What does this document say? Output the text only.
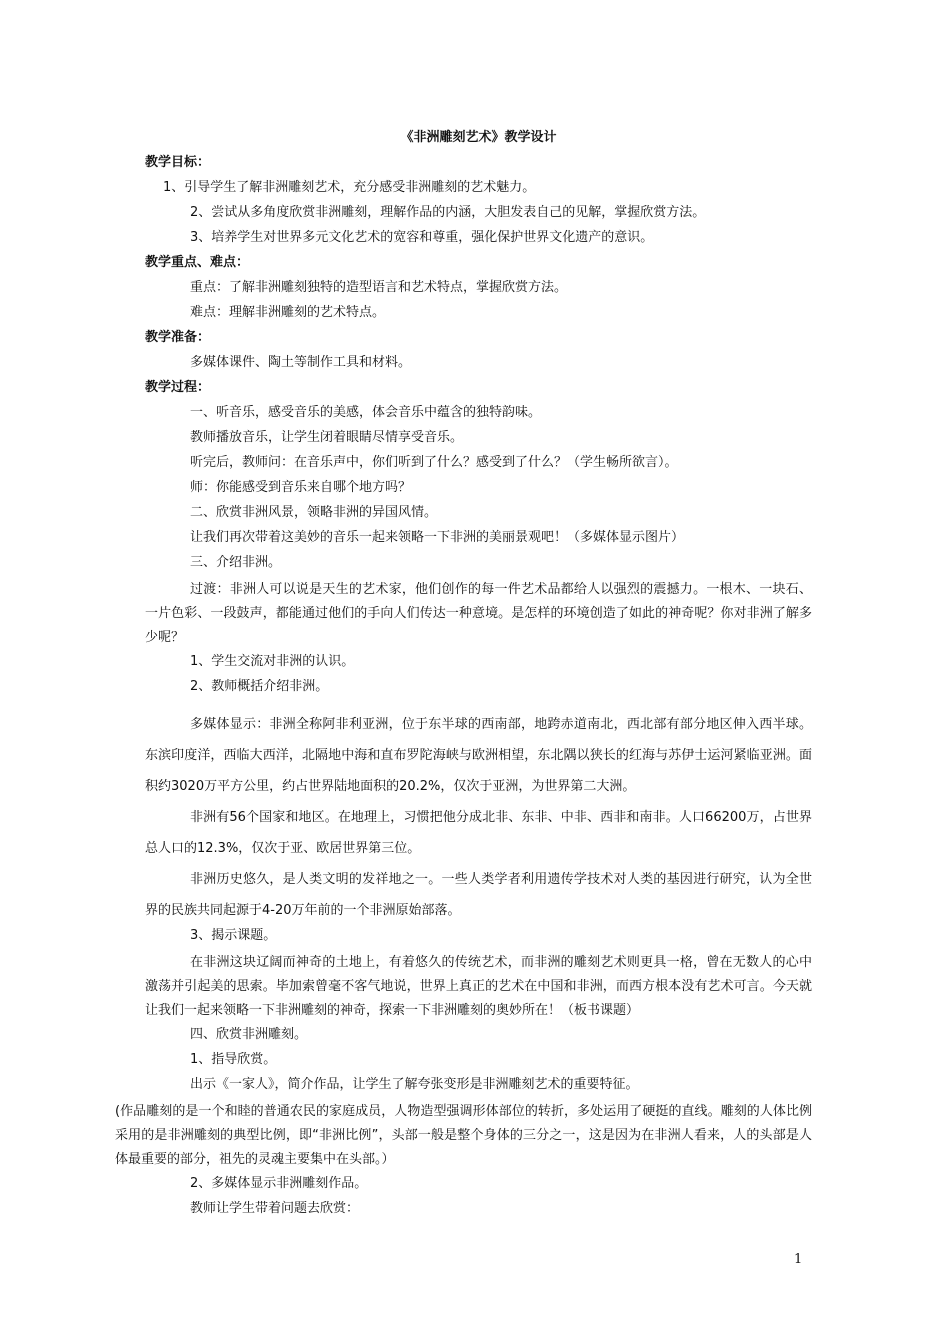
《非洲雕刻艺术》教学设计
教学目标：
1、引导学生了解非洲雕刻艺术，充分感受非洲雕刻的艺术魅力。
2、尝试从多角度欣赏非洲雕刻，理解作品的内涵，大胆发表自己的见解，掌握欣赏方法。
3、培养学生对世界多元文化艺术的宽容和尊重，强化保护世界文化遗产的意识。
教学重点、难点：
重点：了解非洲雕刻独特的造型语言和艺术特点，掌握欣赏方法。
难点：理解非洲雕刻的艺术特点。
教学准备：
多媒体课件、陶土等制作工具和材料。
教学过程：
一、听音乐，感受音乐的美感，体会音乐中蕴含的独特韵味。
教师播放音乐，让学生闭着眼睛尽情享受音乐。
听完后，教师问：在音乐声中，你们听到了什么？感受到了什么？（学生畅所欲言）。
师：你能感受到音乐来自哪个地方吗？
二、欣赏非洲风景，领略非洲的异国风情。
让我们再次带着这美妙的音乐一起来领略一下非洲的美丽景观吧！（多媒体显示图片）
三、介绍非洲。
过渡：非洲人可以说是天生的艺术家，他们创作的每一件艺术品都给人以强烈的震撼力。一根木、一块石、一片色彩、一段鼓声，都能通过他们的手向人们传达一种意境。是怎样的环境创造了如此的神奇呢？你对非洲了解多少呢？
1、学生交流对非洲的认识。
2、教师概括介绍非洲。
多媒体显示：非洲全称阿非利亚洲，位于东半球的西南部，地跨赤道南北，西北部有部分地区伸入西半球。东滨印度洋，西临大西洋，北隔地中海和直布罗陀海峡与欧洲相望，东北隅以狭长的红海与苏伊士运河紧临亚洲。面积约3020万平方公里，约占世界陆地面积的20.2%，仅次于亚洲，为世界第二大洲。
非洲有56个国家和地区。在地理上，习惯把他分成北非、东非、中非、西非和南非。人口66200万，占世界总人口的12.3%，仅次于亚、欧居世界第三位。
非洲历史悠久，是人类文明的发祥地之一。一些人类学者利用遗传学技术对人类的基因进行研究，认为全世界的民族共同起源于4-20万年前的一个非洲原始部落。
3、揭示课题。
在非洲这块辽阔而神奇的土地上，有着悠久的传统艺术，而非洲的雕刻艺术则更具一格，曾在无数人的心中激荡并引起美的思索。毕加索曾毫不客气地说，世界上真正的艺术在中国和非洲，而西方根本没有艺术可言。今天就让我们一起来领略一下非洲雕刻的神奇，探索一下非洲雕刻的奥妙所在！（板书课题）
四、欣赏非洲雕刻。
1、指导欣赏。
出示《一家人》，简介作品，让学生了解夸张变形是非洲雕刻艺术的重要特征。
(作品雕刻的是一个和睦的普通农民的家庭成员，人物造型强调形体部位的转折，多处运用了硬挺的直线。雕刻的人体比例采用的是非洲雕刻的典型比例，即“非洲比例”，头部一般是整个身体的三分之一，这是因为在非洲人看来，人的头部是人体最重要的部分，祖先的灵魂主要集中在头部。）
2、多媒体显示非洲雕刻作品。
教师让学生带着问题去欣赏：
1
